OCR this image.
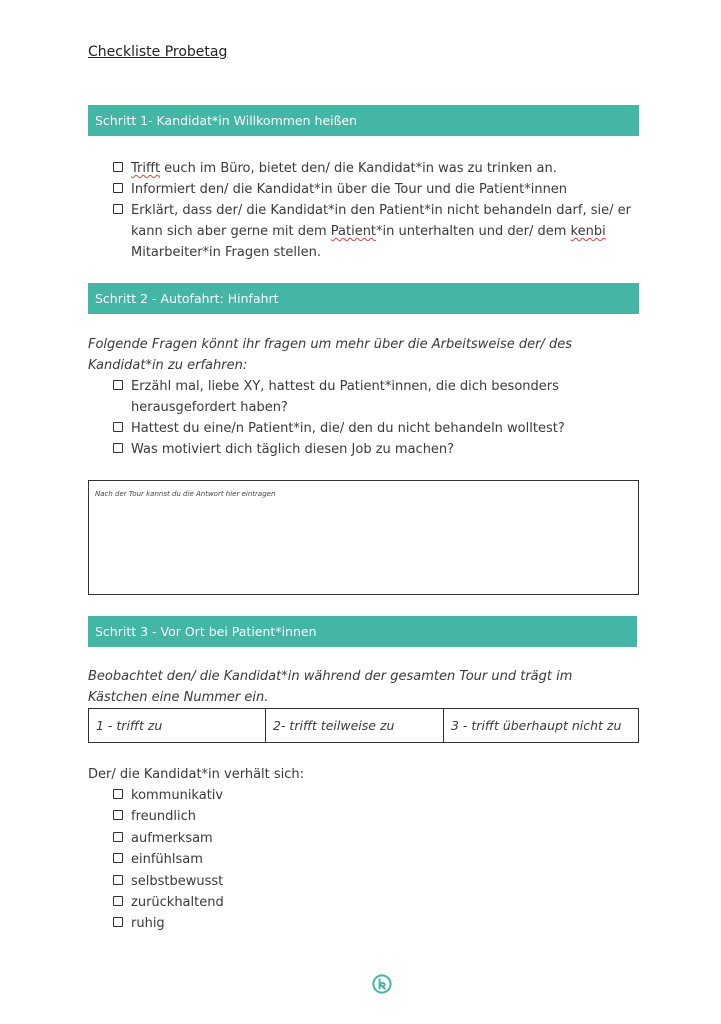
Checkliste Probetag
Schritt 1- Kandidat*in Willkommen heißen
Trifft euch im Büro, bietet den/ die Kandidat*in was zu trinken an.
Informiert den/ die Kandidat*in über die Tour und die Patient*innen
Erklärt, dass der/ die Kandidat*in den Patient*in nicht behandeln darf, sie/ er
kann sich aber gerne mit dem Patient*in unterhalten und der/ dem kenbi
Mitarbeiter*in Fragen stellen.
Schritt 2 - Autofahrt: Hinfahrt
Folgende Fragen könnt ihr fragen um mehr über die Arbeitsweise der/ des
Kandidat*in zu erfahren:
Erzähl mal, liebe XY, hattest du Patient*innen, die dich besonders
herausgefordert haben?
Hattest du eine/n Patient*in, die/ den du nicht behandeln wolltest?
Was motiviert dich täglich diesen Job zu machen?
Nach der Tour kannst du die Antwort hier eintragen
Schritt 3 - Vor Ort bei Patient*innen
Beobachtet den/ die Kandidat*in während der gesamten Tour und trägt im
Kästchen eine Nummer ein.
1 - trifft zu	2- trifft teilweise zu	3 - trifft überhaupt nicht zu
Der/ die Kandidat*in verhält sich:
kommunikativ
freundlich
aufmerksam
einfühlsam
selbstbewusst
zurückhaltend
ruhig
